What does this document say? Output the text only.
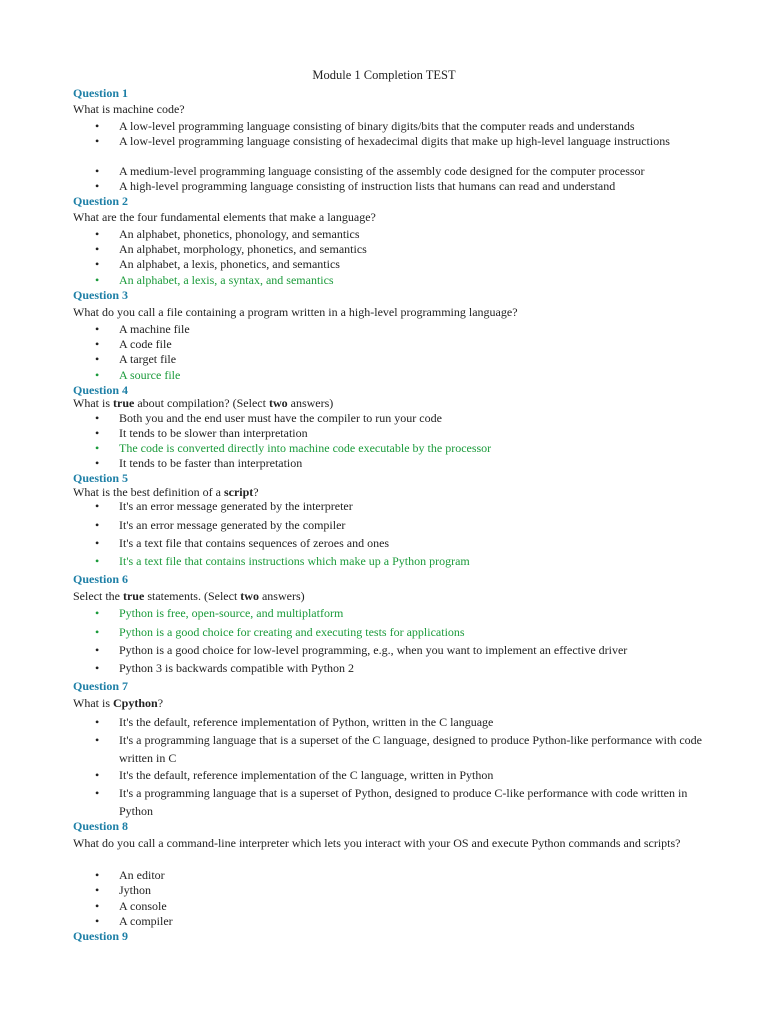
Module 1 Completion TEST
Question 1
What is machine code?
• A low-level programming language consisting of binary digits/bits that the computer reads and understands
• A low-level programming language consisting of hexadecimal digits that make up high-level language instructions
• A medium-level programming language consisting of the assembly code designed for the computer processor
• A high-level programming language consisting of instruction lists that humans can read and understand
Question 2
What are the four fundamental elements that make a language?
• An alphabet, phonetics, phonology, and semantics
• An alphabet, morphology, phonetics, and semantics
• An alphabet, a lexis, phonetics, and semantics
• An alphabet, a lexis, a syntax, and semantics
Question 3
What do you call a file containing a program written in a high-level programming language?
• A machine file
• A code file
• A target file
• A source file
Question 4
What is true about compilation? (Select two answers)
• Both you and the end user must have the compiler to run your code
• It tends to be slower than interpretation
• The code is converted directly into machine code executable by the processor
• It tends to be faster than interpretation
Question 5
What is the best definition of a script?
• It's an error message generated by the interpreter
• It's an error message generated by the compiler
• It's a text file that contains sequences of zeroes and ones
• It's a text file that contains instructions which make up a Python program
Question 6
Select the true statements. (Select two answers)
• Python is free, open-source, and multiplatform
• Python is a good choice for creating and executing tests for applications
• Python is a good choice for low-level programming, e.g., when you want to implement an effective driver
• Python 3 is backwards compatible with Python 2
Question 7
What is Cpython?
• It's the default, reference implementation of Python, written in the C language
• It's a programming language that is a superset of the C language, designed to produce Python-like performance with code written in C
• It's the default, reference implementation of the C language, written in Python
• It's a programming language that is a superset of Python, designed to produce C-like performance with code written in Python
Question 8
What do you call a command-line interpreter which lets you interact with your OS and execute Python commands and scripts?
• An editor
• Jython
• A console
• A compiler
Question 9
